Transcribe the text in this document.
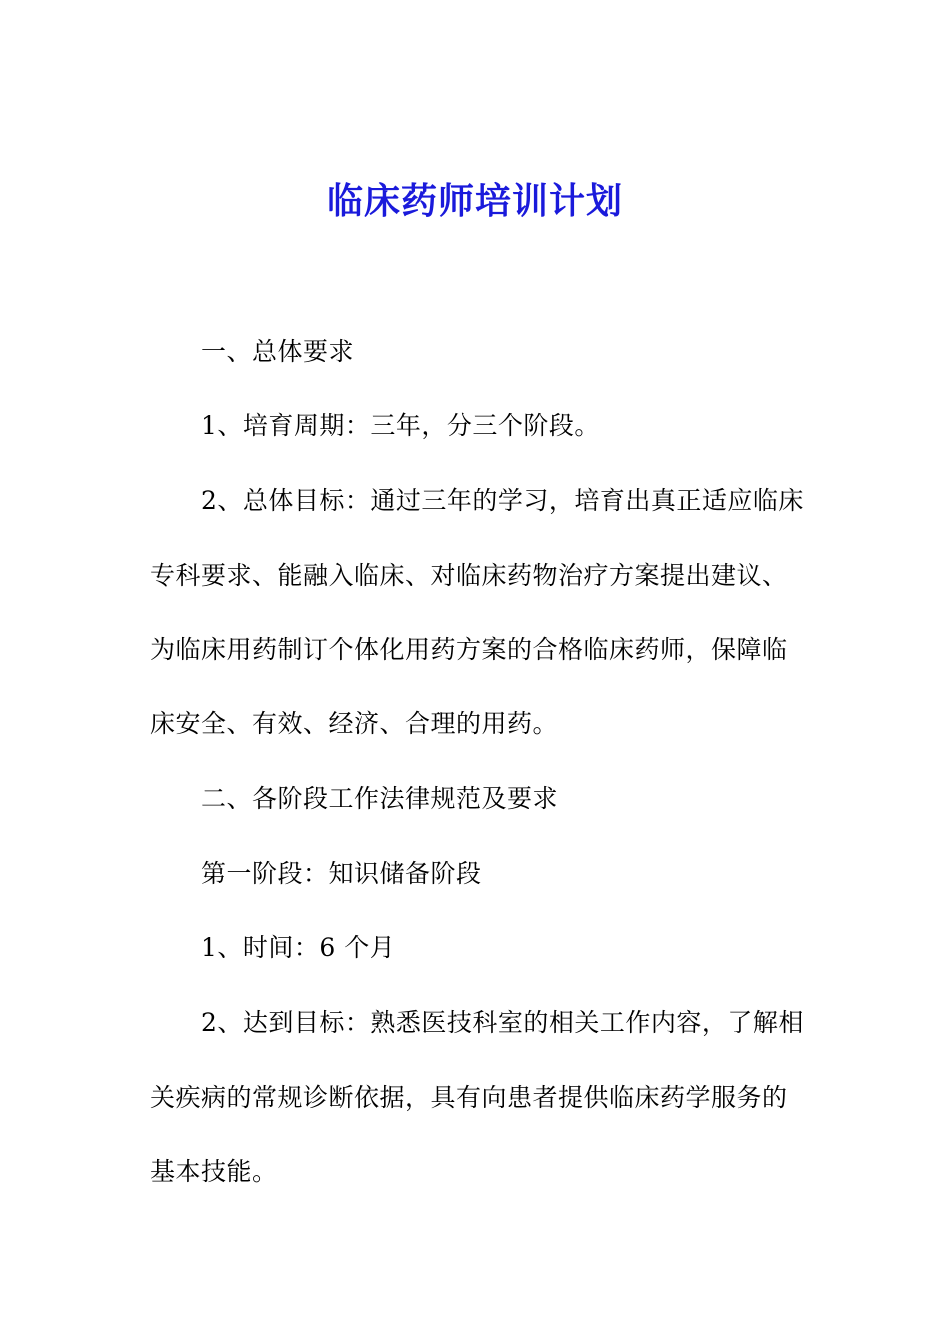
临床药师培训计划
一、总体要求
1、培育周期：三年，分三个阶段。
2、总体目标：通过三年的学习，培育出真正适应临床
专科要求、能融入临床、对临床药物治疗方案提出建议、
为临床用药制订个体化用药方案的合格临床药师，保障临
床安全、有效、经济、合理的用药。
二、各阶段工作法律规范及要求
第一阶段：知识储备阶段
1、时间：6 个月
2、达到目标：熟悉医技科室的相关工作内容，了解相
关疾病的常规诊断依据，具有向患者提供临床药学服务的
基本技能。
